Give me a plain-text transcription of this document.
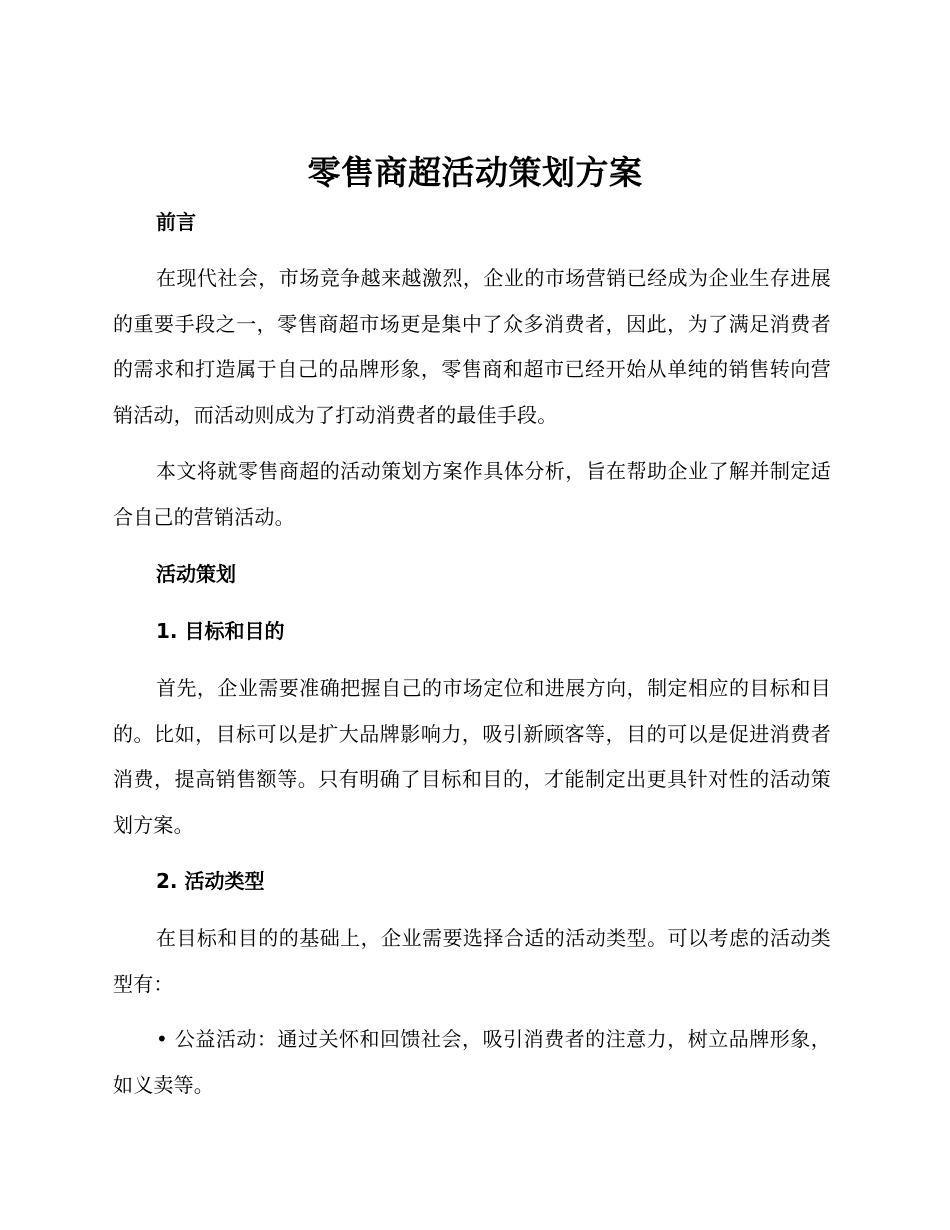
零售商超活动策划方案
前言
在现代社会，市场竞争越来越激烈，企业的市场营销已经成为企业生存进展的重要手段之一，零售商超市场更是集中了众多消费者，因此，为了满足消费者的需求和打造属于自己的品牌形象，零售商和超市已经开始从单纯的销售转向营销活动，而活动则成为了打动消费者的最佳手段。
本文将就零售商超的活动策划方案作具体分析，旨在帮助企业了解并制定适合自己的营销活动。
活动策划
1. 目标和目的
首先，企业需要准确把握自己的市场定位和进展方向，制定相应的目标和目的。比如，目标可以是扩大品牌影响力，吸引新顾客等，目的可以是促进消费者消费，提高销售额等。只有明确了目标和目的，才能制定出更具针对性的活动策划方案。
2. 活动类型
在目标和目的的基础上，企业需要选择合适的活动类型。可以考虑的活动类型有：
• 公益活动：通过关怀和回馈社会，吸引消费者的注意力，树立品牌形象，如义卖等。
